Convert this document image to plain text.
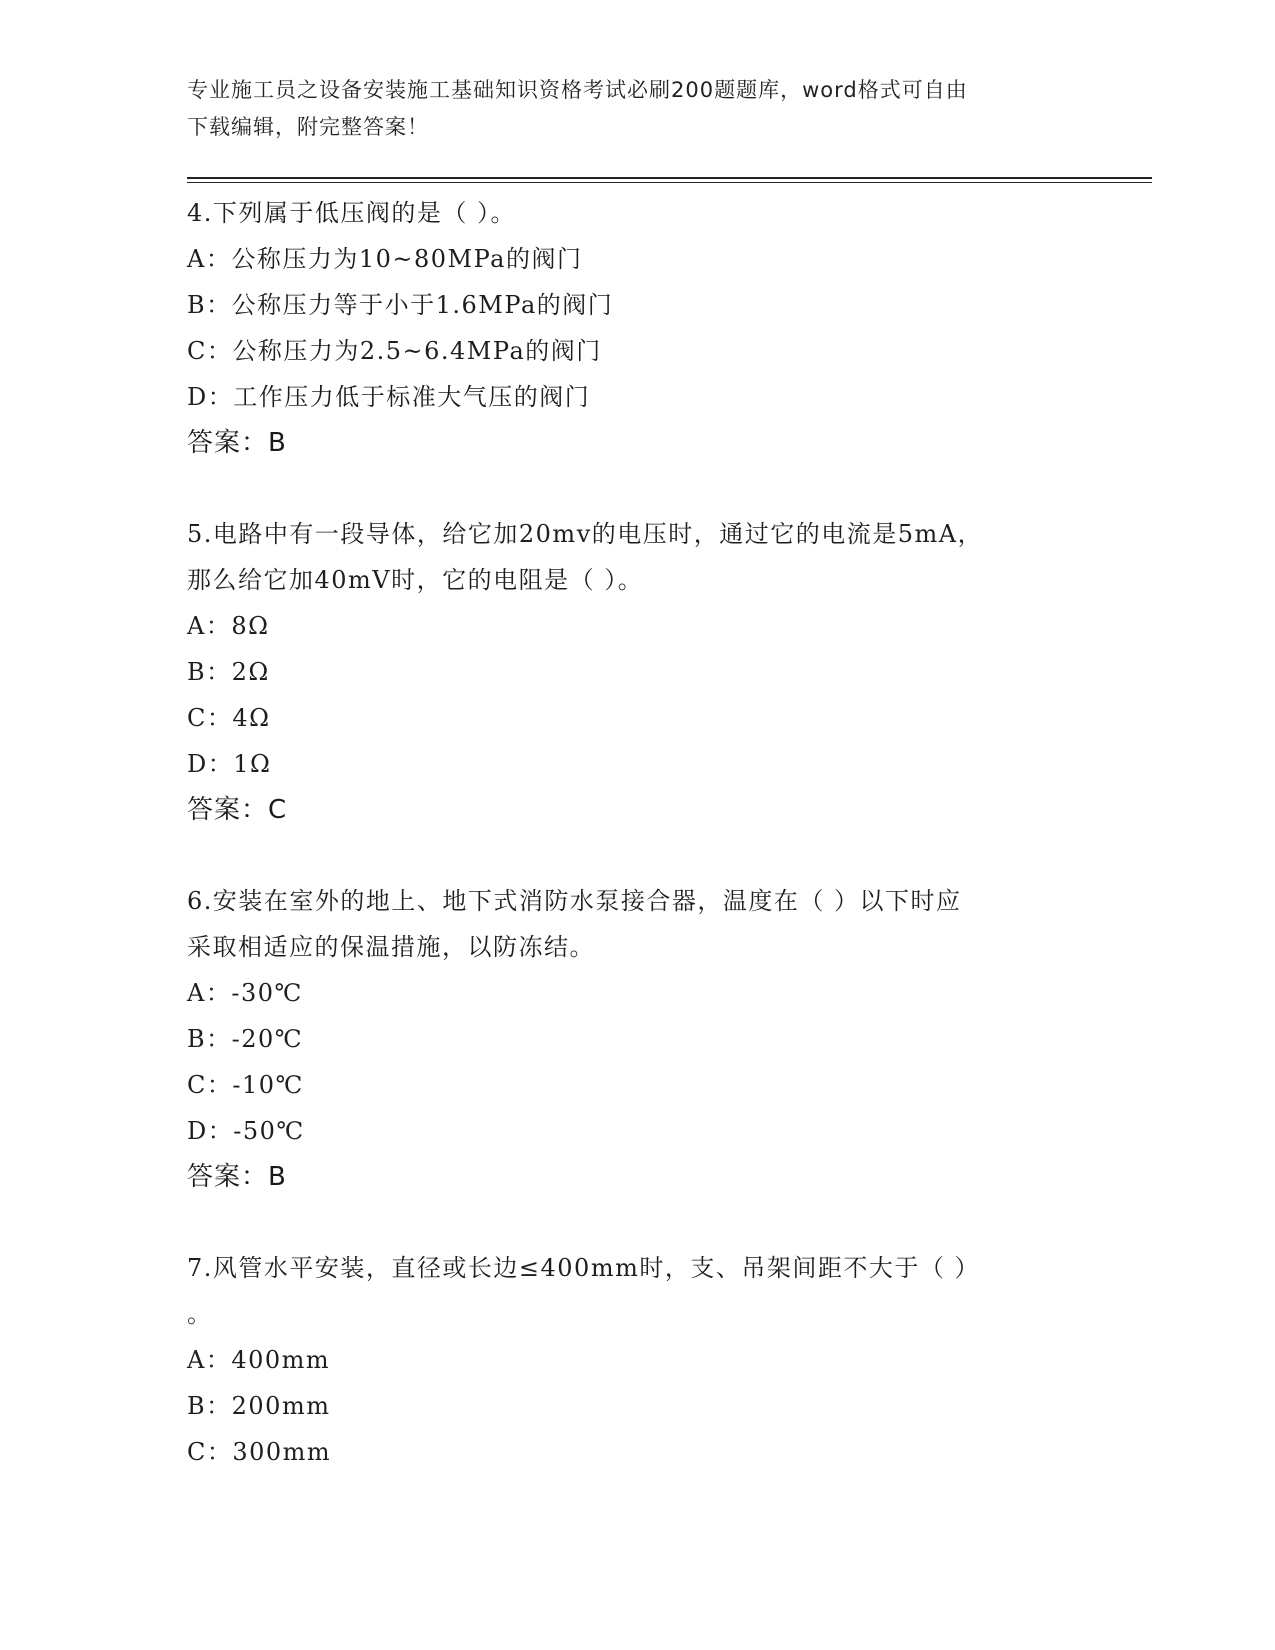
专业施工员之设备安装施工基础知识资格考试必刷200题题库，word格式可自由
下载编辑，附完整答案！
4.下列属于低压阀的是（ ）。
A：公称压力为10~80MPa的阀门
B：公称压力等于小于1.6MPa的阀门
C：公称压力为2.5~6.4MPa的阀门
D：工作压力低于标准大气压的阀门
答案：B
5.电路中有一段导体，给它加20mv的电压时，通过它的电流是5mA，
那么给它加40mV时，它的电阻是（ ）。
A：8Ω
B：2Ω
C：4Ω
D：1Ω
答案：C
6.安装在室外的地上、地下式消防水泵接合器，温度在（ ）以下时应
采取相适应的保温措施，以防冻结。
A：-30℃
B：-20℃
C：-10℃
D：-50℃
答案：B
7.风管水平安装，直径或长边≤400mm时，支、吊架间距不大于（ ）
。
A：400mm
B：200mm
C：300mm
